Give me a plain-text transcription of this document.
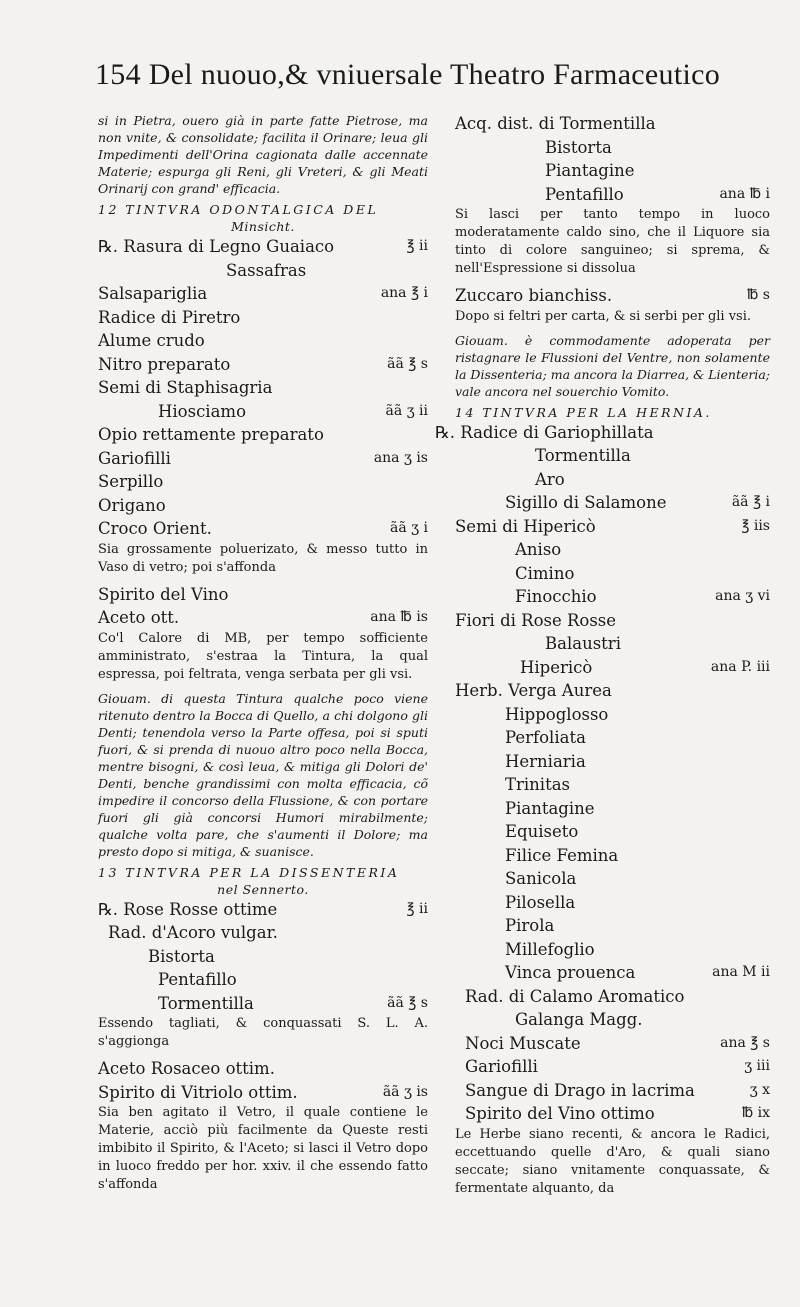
154 Del nuouo,& vniuersale Theatro Farmaceutico
si in Pietra, ouero già in parte fatte Pietrose, ma non vnite, & consolidate; facilita il Orinare; leua gli Impedimenti dell'Orina cagionata dalle accennate Materie; espurga gli Reni, gli Vreteri, & gli Meati Orinarij con grand' efficacia.
12 TINTVRA ODONTALGICA DEL
Minsicht.
℞. Rasura di Legno Guaiaco	℥ ii
Sassafras
Salsapariglia	ana ℥ i
Radice di Piretro
Alume crudo
Nitro preparato	ãã ℥ s
Semi di Staphisagria
Hiosciamo	ãã ʒ ii
Opio rettamente preparato
Gariofilli	ana ʒ is
Serpillo
Origano
Croco Orient.	ãã ʒ i
Sia grossamente poluerizato, & messo tutto in Vaso di vetro; poi s'affonda
Spirito del Vino
Aceto ott.	ana ℔ is
Co'l Calore di MB, per tempo sofficiente amministrato, s'estraa la Tintura, la qual espressa, poi feltrata, venga serbata per gli vsi.
Giouam. di questa Tintura qualche poco viene ritenuto dentro la Bocca di Quello, a chi dolgono gli Denti; tenendola verso la Parte offesa, poi si sputi fuori, & si prenda di nuouo altro poco nella Bocca, mentre bisogni, & così leua, & mitiga gli Dolori de' Denti, benche grandissimi con molta efficacia, cõ impedire il concorso della Flussione, & con portare fuori gli già concorsi Humori mirabilmente; qualche volta pare, che s'aumenti il Dolore; ma presto dopo si mitiga, & suanisce.
13 TINTVRA PER LA DISSENTERIA
nel Sennerto.
℞. Rose Rosse ottime	℥ ii
Rad. d'Acoro vulgar.
Bistorta
Pentafillo
Tormentilla	ãã ℥ s
Essendo tagliati, & conquassati S. L. A. s'aggionga
Aceto Rosaceo ottim.
Spirito di Vitriolo ottim.	ãã ʒ is
Sia ben agitato il Vetro, il quale contiene le Materie, acciò più facilmente da Queste resti imbibito il Spirito, & l'Aceto; si lasci il Vetro dopo in luoco freddo per hor. xxiv. il che essendo fatto s'affonda
Acq. dist. di Tormentilla
Bistorta
Piantagine
Pentafillo	ana ℔ i
Si lasci per tanto tempo in luoco moderatamente caldo sino, che il Liquore sia tinto di colore sanguineo; si sprema, & nell'Espressione si dissolua
Zuccaro bianchiss.	℔ s
Dopo si feltri per carta, & si serbi per gli vsi.
Giouam. è commodamente adoperata per ristagnare le Flussioni del Ventre, non solamente la Dissenteria; ma ancora la Diarrea, & Lienteria; vale ancora nel souerchio Vomito.
14 TINTVRA PER LA HERNIA.
℞. Radice di Gariophillata
Tormentilla
Aro
Sigillo di Salamone	ãã ℥ i
Semi di Hipericò	℥ iis
Aniso
Cimino
Finocchio	ana ʒ vi
Fiori di Rose Rosse
Balaustri
Hipericò	ana P. iii
Herb. Verga Aurea
Hippoglosso
Perfoliata
Herniaria
Trinitas
Piantagine
Equiseto
Filice Femina
Sanicola
Pilosella
Pirola
Millefoglio
Vinca prouenca	ana M ii
Rad. di Calamo Aromatico
Galanga Magg.
Noci Muscate	ana ℥ s
Gariofilli	ʒ iii
Sangue di Drago in lacrima	ʒ x
Spirito del Vino ottimo	℔ ix
Le Herbe siano recenti, & ancora le Radici, eccettuando quelle d'Aro, & quali siano seccate; siano vnitamente conquassate, & fermentate alquanto, da
